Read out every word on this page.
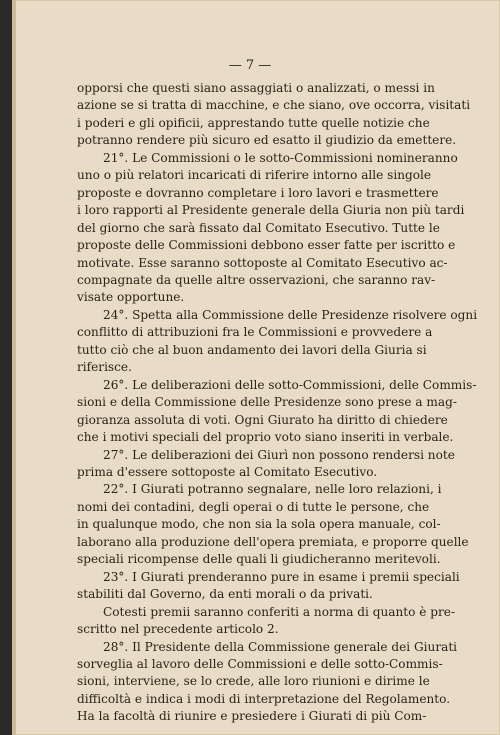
— 7 —
opporsi che questi siano assaggiati o analizzati, o messi in
azione se si tratta di macchine, e che siano, ove occorra, visitati
i poderi e gli opificii, apprestando tutte quelle notizie che
potranno rendere più sicuro ed esatto il giudizio da emettere.
21°. Le Commissioni o le sotto-Commissioni nomineranno
uno o più relatori incaricati di riferire intorno alle singole
proposte e dovranno completare i loro lavori e trasmettere
i loro rapporti al Presidente generale della Giuria non più tardi
del giorno che sarà fissato dal Comitato Esecutivo. Tutte le
proposte delle Commissioni debbono esser fatte per iscritto e
motivate. Esse saranno sottoposte al Comitato Esecutivo ac-
compagnate da quelle altre osservazioni, che saranno rav-
visate opportune.
24°. Spetta alla Commissione delle Presidenze risolvere ogni
conflitto di attribuzioni fra le Commissioni e provvedere a
tutto ciò che al buon andamento dei lavori della Giuria si
riferisce.
26°. Le deliberazioni delle sotto-Commissioni, delle Commis-
sioni e della Commissione delle Presidenze sono prese a mag-
gioranza assoluta di voti. Ogni Giurato ha diritto di chiedere
che i motivi speciali del proprio voto siano inseriti in verbale.
27°. Le deliberazioni dei Giurì non possono rendersi note
prima d'essere sottoposte al Comitato Esecutivo.
22°. I Giurati potranno segnalare, nelle loro relazioni, i
nomi dei contadini, degli operai o di tutte le persone, che
in qualunque modo, che non sia la sola opera manuale, col-
laborano alla produzione dell'opera premiata, e proporre quelle
speciali ricompense delle quali li giudicheranno meritevoli.
23°. I Giurati prenderanno pure in esame i premii speciali
stabiliti dal Governo, da enti morali o da privati.
Cotesti premii saranno conferiti a norma di quanto è pre-
scritto nel precedente articolo 2.
28°. Il Presidente della Commissione generale dei Giurati
sorveglia al lavoro delle Commissioni e delle sotto-Commis-
sioni, interviene, se lo crede, alle loro riunioni e dirime le
difficoltà e indica i modi di interpretazione del Regolamento.
Ha la facoltà di riunire e presiedere i Giurati di più Com-
